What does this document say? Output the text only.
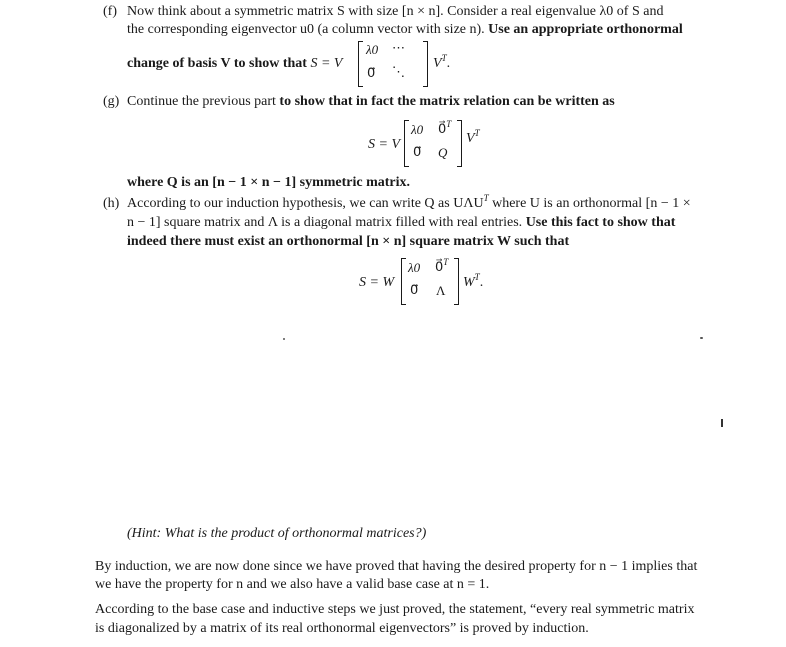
(f) Now think about a symmetric matrix S with size [n × n]. Consider a real eigenvalue λ0 of S and
the corresponding eigenvector u0 (a column vector with size n). Use an appropriate orthonormal
change of basis V to show that S = V
λ0 ⋯
0⃗ ⋱
$V^T$.
(g) Continue the previous part to show that in fact the matrix relation can be written as
S = V
λ0 0⃗$^T$
0⃗ Q
$V^T$
where Q is an [n − 1 × n − 1] symmetric matrix.
(h) According to our induction hypothesis, we can write Q as $U\Lambda U^T$ where U is an orthonormal [n − 1 ×
n − 1] square matrix and Λ is a diagonal matrix filled with real entries. Use this fact to show that
indeed there must exist an orthonormal [n × n] square matrix W such that
S = W
λ0 0⃗$^T$
0⃗ Λ
$W^T$.
(Hint: What is the product of orthonormal matrices?)
By induction, we are now done since we have proved that having the desired property for n − 1 implies that
we have the property for n and we also have a valid base case at n = 1.
According to the base case and inductive steps we just proved, the statement, “every real symmetric matrix
is diagonalized by a matrix of its real orthonormal eigenvectors” is proved by induction.
